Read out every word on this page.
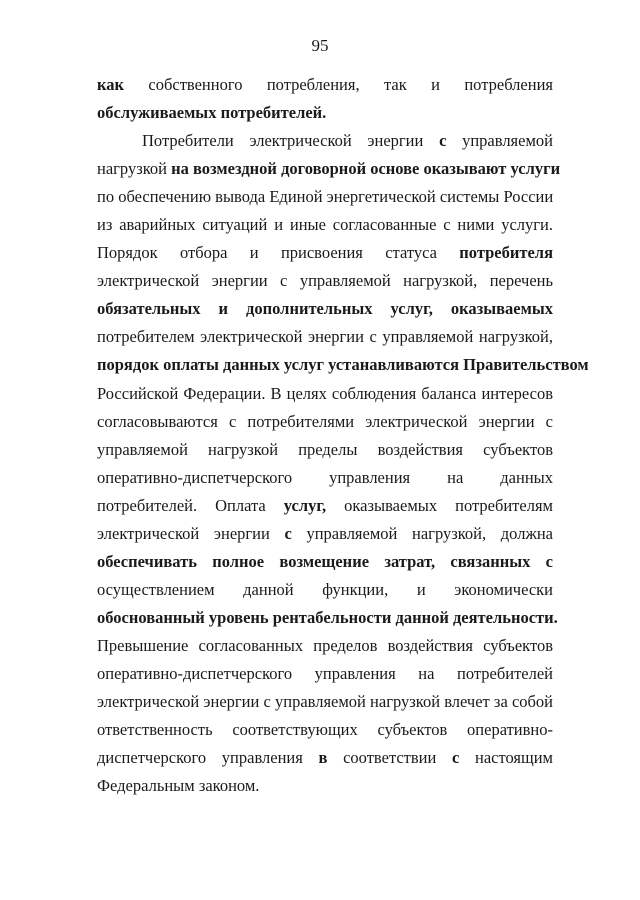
95
как собственного потребления, так и потребления
обслуживаемых потребителей.
Потребители электрической энергии с управляемой
нагрузкой на возмездной договорной основе оказывают услуги
по обеспечению вывода Единой энергетической системы России
из аварийных ситуаций и иные согласованные с ними услуги.
Порядок отбора и присвоения статуса потребителя
электрической энергии с управляемой нагрузкой, перечень
обязательных и дополнительных услуг, оказываемых
потребителем электрической энергии с управляемой нагрузкой,
порядок оплаты данных услуг устанавливаются Правительством
Российской Федерации. В целях соблюдения баланса интересов
согласовываются с потребителями электрической энергии с
управляемой нагрузкой пределы воздействия субъектов
оперативно-диспетчерского управления на данных
потребителей. Оплата услуг, оказываемых потребителям
электрической энергии с управляемой нагрузкой, должна
обеспечивать полное возмещение затрат, связанных с
осуществлением данной функции, и экономически
обоснованный уровень рентабельности данной деятельности.
Превышение согласованных пределов воздействия субъектов
оперативно-диспетчерского управления на потребителей
электрической энергии с управляемой нагрузкой влечет за собой
ответственность соответствующих субъектов оперативно-
диспетчерского управления в соответствии с настоящим
Федеральным законом.
